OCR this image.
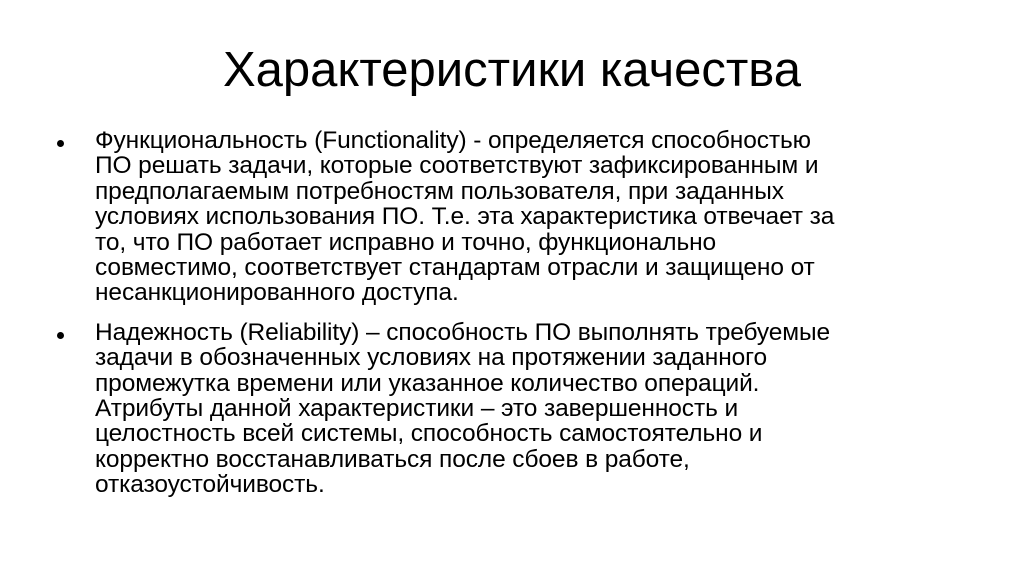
Характеристики качества
Функциональность (Functionality) - определяется способностью
ПО решать задачи, которые соответствуют зафиксированным и
предполагаемым потребностям пользователя, при заданных
условиях использования ПО. Т.е. эта характеристика отвечает за
то, что ПО работает исправно и точно, функционально
совместимо, соответствует стандартам отрасли и защищено от
несанкционированного доступа.
Надежность (Reliability) – способность ПО выполнять требуемые
задачи в обозначенных условиях на протяжении заданного
промежутка времени или указанное количество операций.
Атрибуты данной характеристики – это завершенность и
целостность всей системы, способность самостоятельно и
корректно восстанавливаться после сбоев в работе,
отказоустойчивость.
